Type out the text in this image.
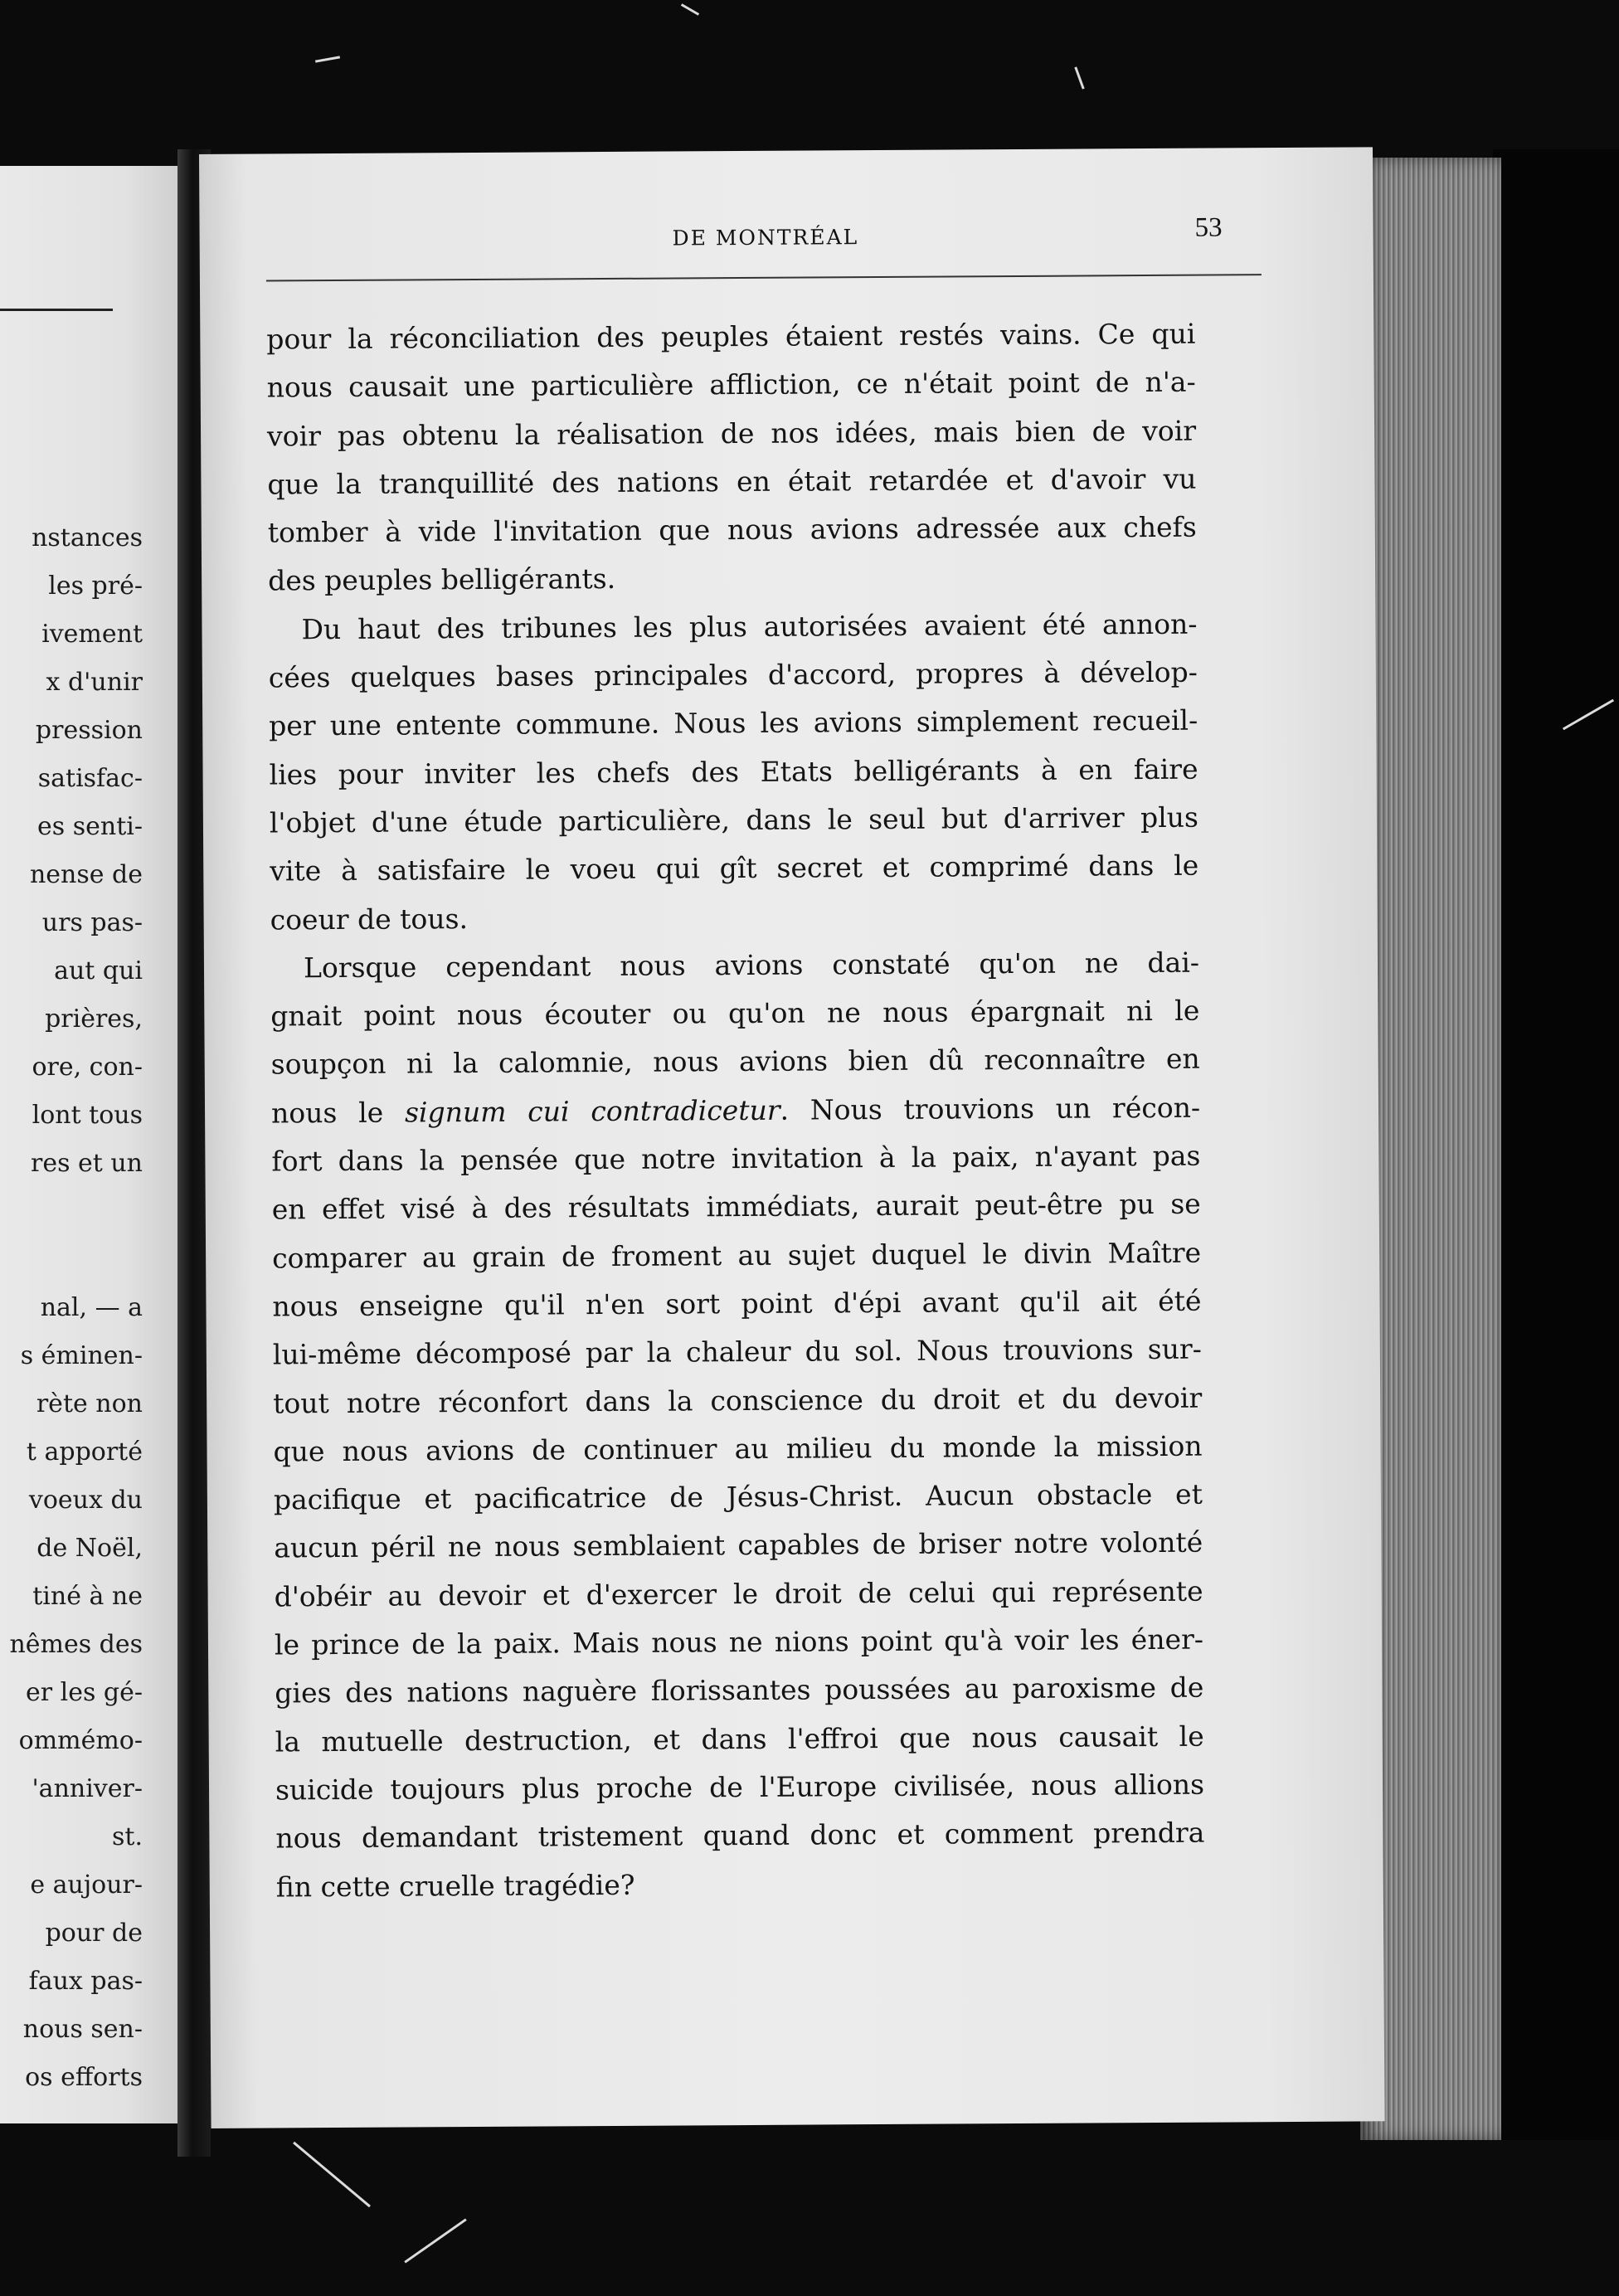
nstances
les pré-
ivement
x d'unir
pression
satisfac-
es senti-
nense de
urs pas-
aut qui
prières,
ore, con-
lont tous
res et un
nal, — a
s éminen-
rète non
t apporté
voeux du
de Noël,
tiné à ne
nêmes des
er les gé-
ommémo-
'anniver-
st.
e aujour-
pour de
faux pas-
nous sen-
os efforts
DE MONTRÉAL	53
pour la réconciliation des peuples étaient restés vains. Ce qui
nous causait une particulière affliction, ce n'était point de n'a-
voir pas obtenu la réalisation de nos idées, mais bien de voir
que la tranquillité des nations en était retardée et d'avoir vu
tomber à vide l'invitation que nous avions adressée aux chefs
des peuples belligérants.
Du haut des tribunes les plus autorisées avaient été annon-
cées quelques bases principales d'accord, propres à dévelop-
per une entente commune. Nous les avions simplement recueil-
lies pour inviter les chefs des Etats belligérants à en faire
l'objet d'une étude particulière, dans le seul but d'arriver plus
vite à satisfaire le voeu qui gît secret et comprimé dans le
coeur de tous.
Lorsque cependant nous avions constaté qu'on ne dai-
gnait point nous écouter ou qu'on ne nous épargnait ni le
soupçon ni la calomnie, nous avions bien dû reconnaître en
nous le signum cui contradicetur. Nous trouvions un récon-
fort dans la pensée que notre invitation à la paix, n'ayant pas
en effet visé à des résultats immédiats, aurait peut-être pu se
comparer au grain de froment au sujet duquel le divin Maître
nous enseigne qu'il n'en sort point d'épi avant qu'il ait été
lui-même décomposé par la chaleur du sol. Nous trouvions sur-
tout notre réconfort dans la conscience du droit et du devoir
que nous avions de continuer au milieu du monde la mission
pacifique et pacificatrice de Jésus-Christ. Aucun obstacle et
aucun péril ne nous semblaient capables de briser notre volonté
d'obéir au devoir et d'exercer le droit de celui qui représente
le prince de la paix. Mais nous ne nions point qu'à voir les éner-
gies des nations naguère florissantes poussées au paroxisme de
la mutuelle destruction, et dans l'effroi que nous causait le
suicide toujours plus proche de l'Europe civilisée, nous allions
nous demandant tristement quand donc et comment prendra
fin cette cruelle tragédie?
